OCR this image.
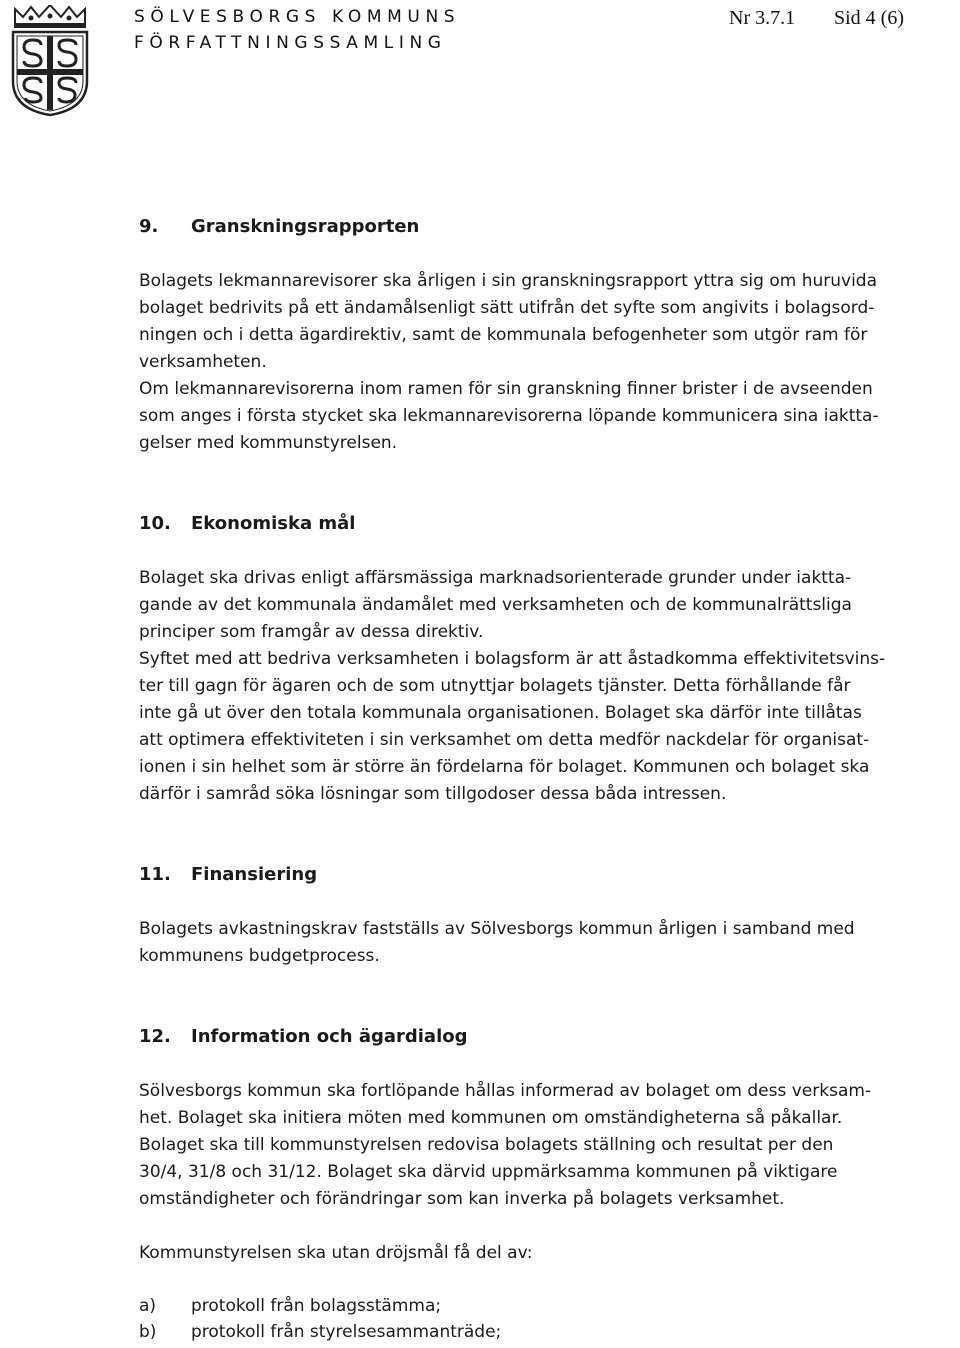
SÖLVESBORGS KOMMUNS
FÖRFATTNINGSSAMLING
Nr 3.7.1 Sid 4 (6)
9. Granskningsrapporten
Bolagets lekmannarevisorer ska årligen i sin granskningsrapport yttra sig om huruvida
bolaget bedrivits på ett ändamålsenligt sätt utifrån det syfte som angivits i bolagsord-
ningen och i detta ägardirektiv, samt de kommunala befogenheter som utgör ram för
verksamheten.
Om lekmannarevisorerna inom ramen för sin granskning finner brister i de avseenden
som anges i första stycket ska lekmannarevisorerna löpande kommunicera sina iaktta-
gelser med kommunstyrelsen.
10. Ekonomiska mål
Bolaget ska drivas enligt affärsmässiga marknadsorienterade grunder under iaktta-
gande av det kommunala ändamålet med verksamheten och de kommunalrättsliga
principer som framgår av dessa direktiv.
Syftet med att bedriva verksamheten i bolagsform är att åstadkomma effektivitetsvins-
ter till gagn för ägaren och de som utnyttjar bolagets tjänster. Detta förhållande får
inte gå ut över den totala kommunala organisationen. Bolaget ska därför inte tillåtas
att optimera effektiviteten i sin verksamhet om detta medför nackdelar för organisat-
ionen i sin helhet som är större än fördelarna för bolaget. Kommunen och bolaget ska
därför i samråd söka lösningar som tillgodoser dessa båda intressen.
11. Finansiering
Bolagets avkastningskrav fastställs av Sölvesborgs kommun årligen i samband med
kommunens budgetprocess.
12. Information och ägardialog
Sölvesborgs kommun ska fortlöpande hållas informerad av bolaget om dess verksam-
het. Bolaget ska initiera möten med kommunen om omständigheterna så påkallar.
Bolaget ska till kommunstyrelsen redovisa bolagets ställning och resultat per den
30/4, 31/8 och 31/12. Bolaget ska därvid uppmärksamma kommunen på viktigare
omständigheter och förändringar som kan inverka på bolagets verksamhet.
Kommunstyrelsen ska utan dröjsmål få del av:
a) protokoll från bolagsstämma;
b) protokoll från styrelsesammanträde;
